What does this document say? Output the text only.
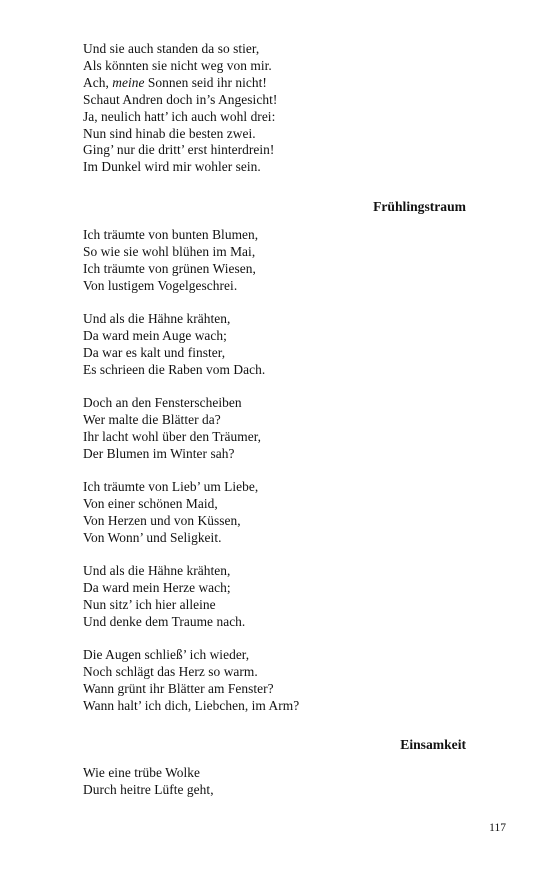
Und sie auch standen da so stier,
Als könnten sie nicht weg von mir.
Ach, meine Sonnen seid ihr nicht!
Schaut Andren doch in’s Angesicht!
Ja, neulich hatt’ ich auch wohl drei:
Nun sind hinab die besten zwei.
Ging’ nur die dritt’ erst hinterdrein!
Im Dunkel wird mir wohler sein.
Frühlingstraum
Ich träumte von bunten Blumen,
So wie sie wohl blühen im Mai,
Ich träumte von grünen Wiesen,
Von lustigem Vogelgeschrei.
Und als die Hähne krähten,
Da ward mein Auge wach;
Da war es kalt und finster,
Es schrieen die Raben vom Dach.
Doch an den Fensterscheiben
Wer malte die Blätter da?
Ihr lacht wohl über den Träumer,
Der Blumen im Winter sah?
Ich träumte von Lieb’ um Liebe,
Von einer schönen Maid,
Von Herzen und von Küssen,
Von Wonn’ und Seligkeit.
Und als die Hähne krähten,
Da ward mein Herze wach;
Nun sitz’ ich hier alleine
Und denke dem Traume nach.
Die Augen schließ’ ich wieder,
Noch schlägt das Herz so warm.
Wann grünt ihr Blätter am Fenster?
Wann halt’ ich dich, Liebchen, im Arm?
Einsamkeit
Wie eine trübe Wolke
Durch heitre Lüfte geht,
117
